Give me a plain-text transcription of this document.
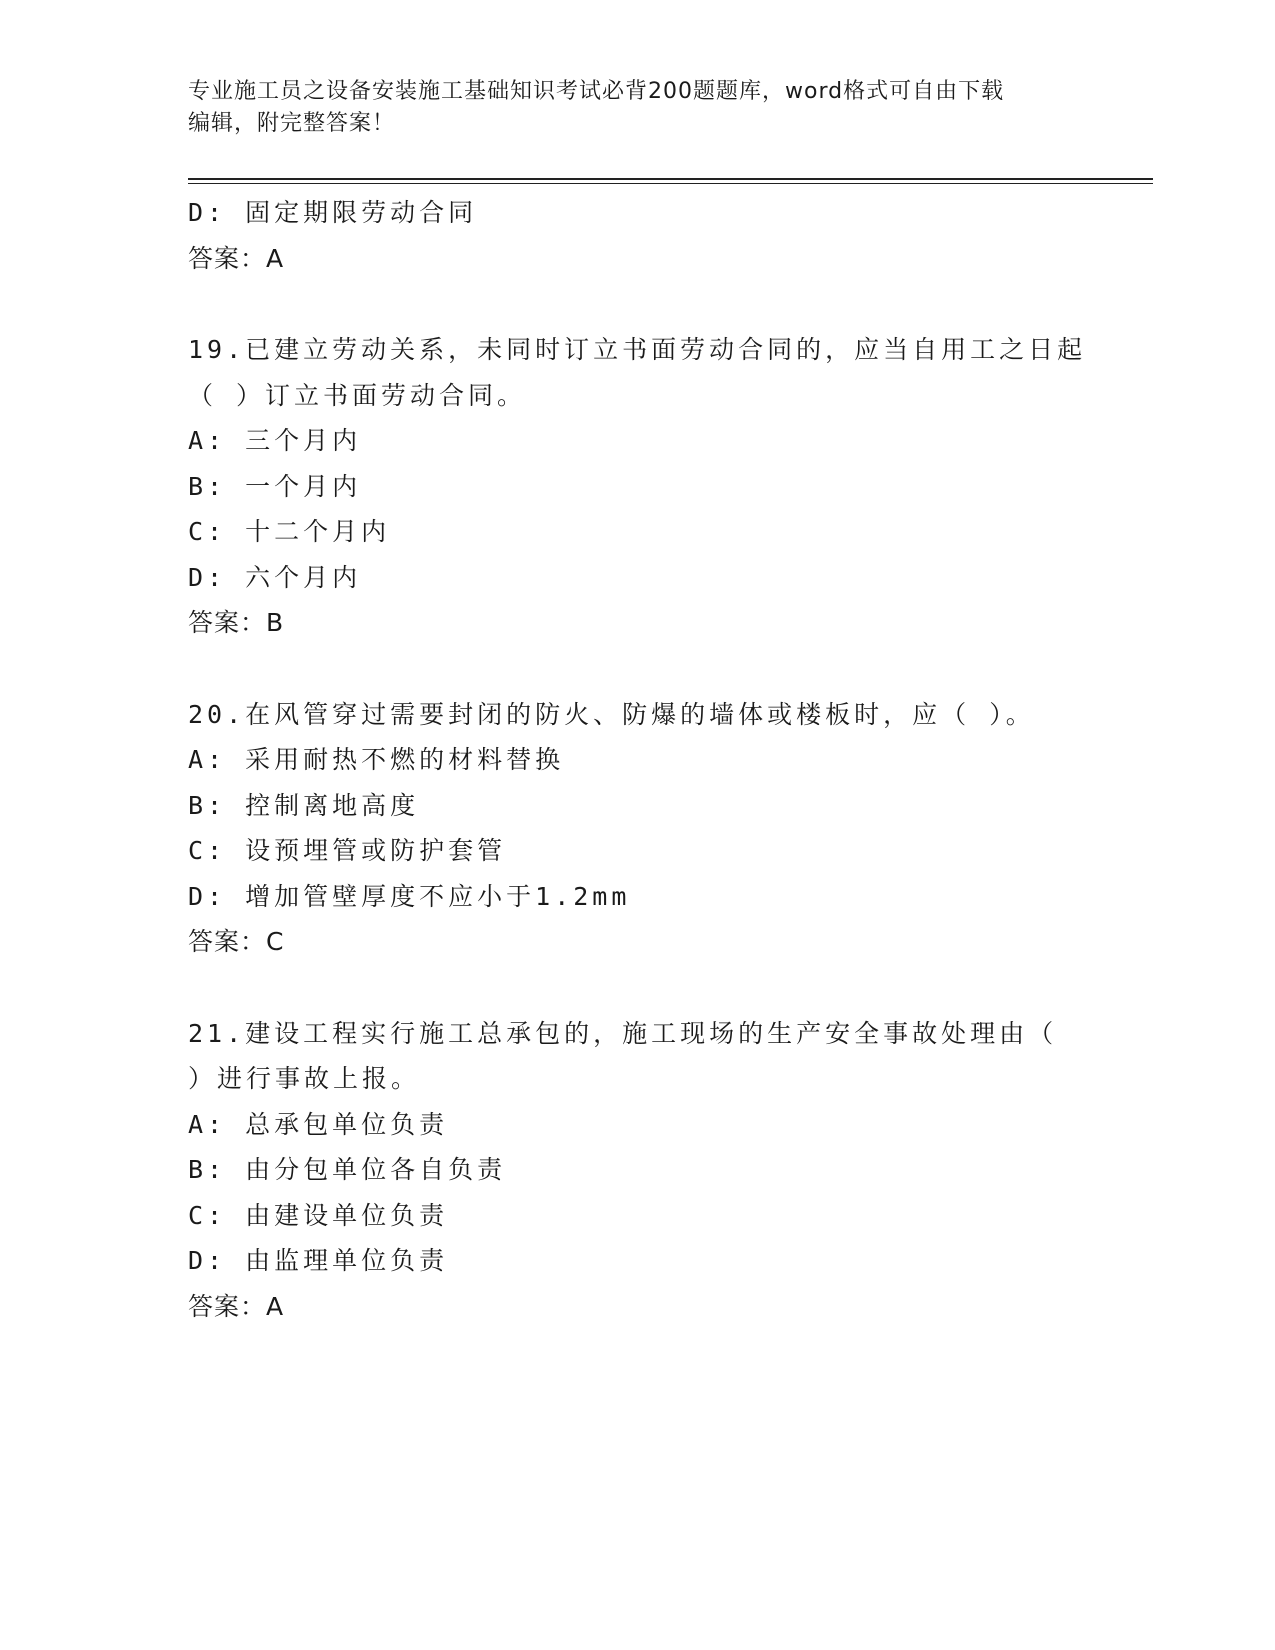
专业施工员之设备安装施工基础知识考试必背200题题库，word格式可自由下载
编辑，附完整答案！
D: 固定期限劳动合同
答案：A
19.已建立劳动关系，未同时订立书面劳动合同的，应当自用工之日起
（ ）订立书面劳动合同。
A: 三个月内
B: 一个月内
C: 十二个月内
D: 六个月内
答案：B
20.在风管穿过需要封闭的防火、防爆的墙体或楼板时，应（ ）。
A: 采用耐热不燃的材料替换
B: 控制离地高度
C: 设预埋管或防护套管
D: 增加管壁厚度不应小于1.2mm
答案：C
21.建设工程实行施工总承包的，施工现场的生产安全事故处理由（
）进行事故上报。
A: 总承包单位负责
B: 由分包单位各自负责
C: 由建设单位负责
D: 由监理单位负责
答案：A
